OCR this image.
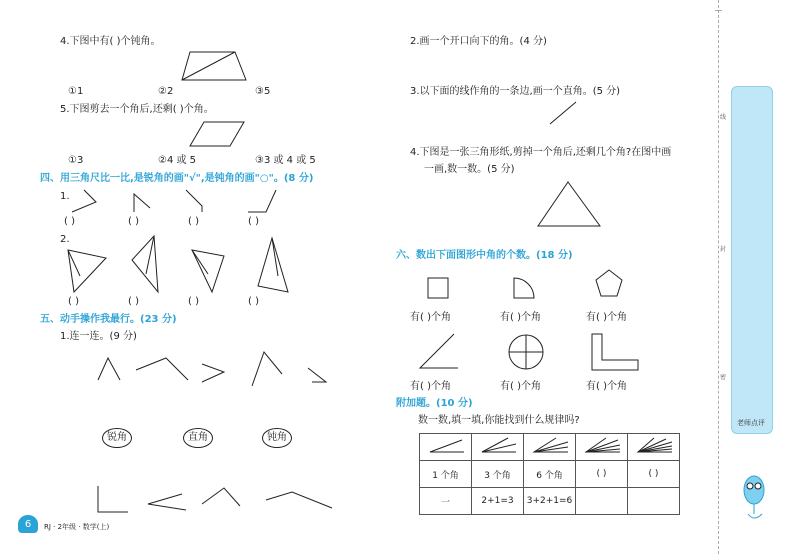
4.下图中有( )个钝角。
①1	②2	③5
5.下图剪去一个角后,还剩( )个角。
①3	②4 或 5	③3 或 4 或 5
四、用三角尺比一比,是锐角的画"√",是钝角的画"○"。(8 分)
1.
( )	( )	( )	( )
2.
( )	( )	( )	( )
五、动手操作我最行。(23 分)
1.连一连。(9 分)
锐角	直角	钝角
6	RJ · 2年级 · 数学(上)
2.画一个开口向下的角。(4 分)
3.以下面的线作角的一条边,画一个直角。(5 分)
4.下图是一张三角形纸,剪掉一个角后,还剩几个角?在图中画
一画,数一数。(5 分)
六、数出下面图形中角的个数。(18 分)
有( )个角	有( )个角	有( )个角
有( )个角	有( )个角	有( )个角
附加题。(10 分)
数一数,填一填,你能找到什么规律吗?

1 个角	3 个角	6 个角	( )	( )
一	2+1=3	3+2+1=6		
线
封
密
老师点评
